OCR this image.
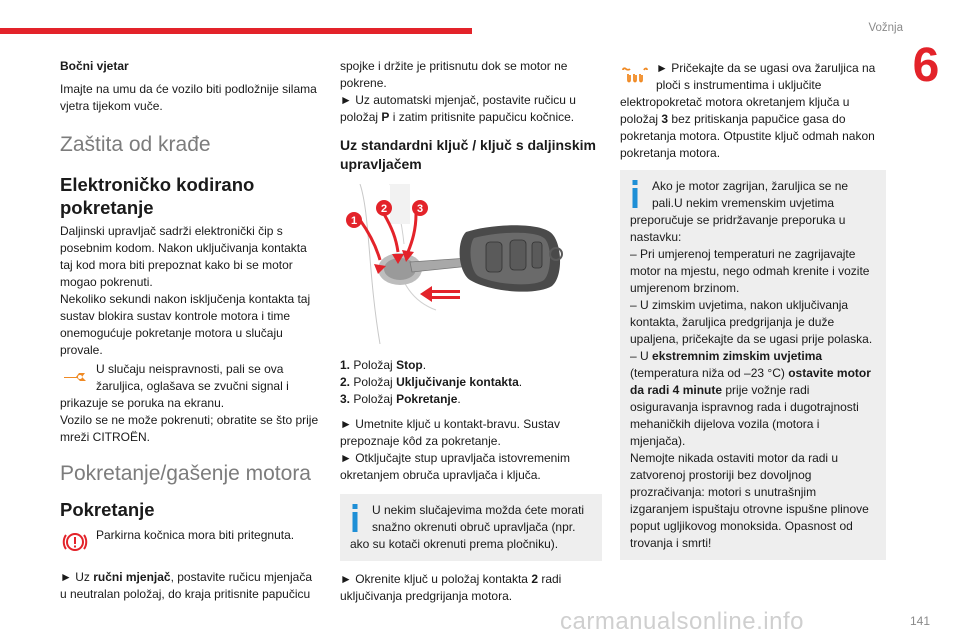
Vožnja
6

Bočni vjetar

Imajte na umu da će vozilo biti podložnije silama vjetra tijekom vuče.

Zaštita od krađe
Elektroničko kodirano pokretanje

Daljinski upravljač sadrži elektronički čip s posebnim kodom. Nakon uključivanja kontakta taj kod mora biti prepoznat kako bi se motor mogao pokrenuti.

Nekoliko sekundi nakon isključenja kontakta taj sustav blokira sustav kontrole motora i time onemogućuje pokretanje motora u slučaju provale.

U slučaju neispravnosti, pali se ova
žaruljica, oglašava se zvučni signal i
prikazuje se poruka na ekranu.
Vozilo se ne može pokrenuti; obratite se što prije mreži CITROËN.
Pokretanje/gašenje motora
Pokretanje
Parkirna kočnica mora biti pritegnuta.

► Uz ručni mjenjač, postavite ručicu mjenjača u neutralan položaj, do kraja pritisnite papučicu

spojke i držite je pritisnutu dok se motor ne pokrene.

► Uz automatski mjenjač, postavite ručicu u položaj P i zatim pritisnite papučicu kočnice.

Uz standardni ključ / ključ s daljinskim upravljačem
1
2	3

1. Položaj Stop.

2. Položaj Uključivanje kontakta.

3. Položaj Pokretanje.

► Umetnite ključ u kontakt-bravu. Sustav prepoznaje kôd za pokretanje.

► Otključajte stup upravljača istovremenim okretanjem obruča upravljača i ključa.

U nekim slučajevima možda ćete morati snažno okrenuti obruč upravljača (npr.
ako su kotači okrenuti prema pločniku).

► Okrenite ključ u položaj kontakta 2 radi uključivanja predgrijanja motora.

► Pričekajte da se ugasi ova žaruljica na ploči s instrumentima i uključite
elektropokretač motora okretanjem ključa u položaj 3 bez pritiskanja papučice gasa do pokretanja motora. Otpustite ključ odmah nakon pokretanja motora.
Ako je motor zagrijan, žaruljica se ne pali.U nekim vremenskim uvjetima
preporučuje se pridržavanje preporuka u nastavku:
– Pri umjerenoj temperaturi ne zagrijavajte motor na mjestu, nego odmah krenite i vozite umjerenom brzinom.
– U zimskim uvjetima, nakon uključivanja kontakta, žaruljica predgrijanja je duže upaljena, pričekajte da se ugasi prije polaska.
– U ekstremnim zimskim uvjetima (temperatura niža od –23 °C) ostavite motor da radi 4 minute prije vožnje radi osiguravanja ispravnog rada i dugotrajnosti mehaničkih dijelova vozila (motora i mjenjača).
Nemojte nikada ostaviti motor da radi u zatvorenoj prostoriji bez dovoljnog prozračivanja: motori s unutrašnjim izgaranjem ispuštaju otrovne ispušne plinove poput ugljikovog monoksida. Opasnost od trovanja i smrti!
carmanualsonline.info	141
